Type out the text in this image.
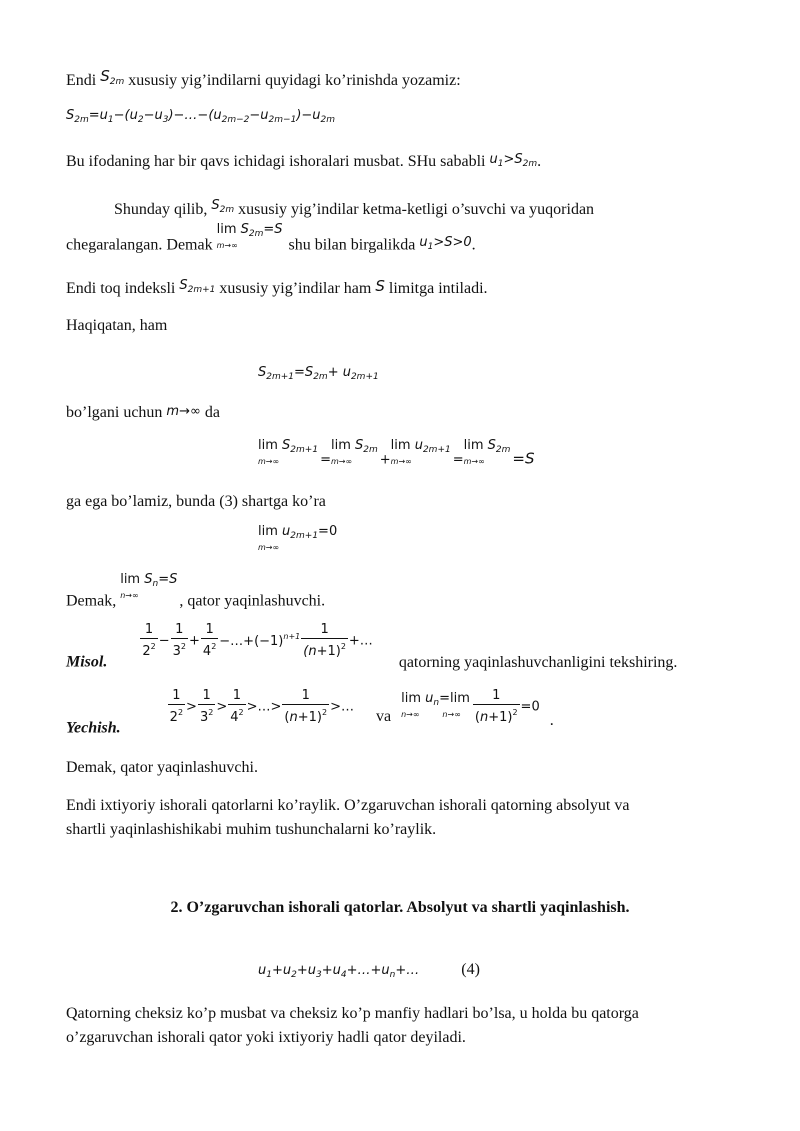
Endi $S_{2m}$ xususiy yig’indilarni quyidagi ko’rinishda yozamiz:
$S_{2m}=u_1-(u_2-u_3)-\dots-(u_{2m-2}-u_{2m-1})-u_{2m}$
Bu ifodaning har bir qavs ichidagi ishoralari musbat. SHu sababli $u_1>S_{2m}$.
Shunday qilib, $^{S_{2m}}$ xususiy yig’indilar ketma-ketligi o’suvchi va yuqoridan
chegaralangan. Demak
$\lim S_{2m}=S$
m→∞	shu bilan birgalikda $_{u_1>S>0}$.
Endi toq indeksli $^{S_{2m+1}}$ xususiy yig’indilar ham S limitga intiladi.
Haqiqatan, ham
$S_{2m+1}=S_{2m}+ u_{2m+1}$
bo’lgani uchun m→∞ da
$\lim S_{2m+1}$
m→∞	$_=$
$\lim S_{2m}$
m→∞	$_+$
$\lim u_{2m+1}$
m→∞	$_=$
$\lim S_{2m}$
m→∞	=S
ga ega bo’lamiz, bunda (3) shartga ko’ra
$\lim u_{2m+1}=0$
m→∞
Demak,
$\lim S_n=S$
n→∞	, qator yaqinlashuvchi.
Misol.
$\frac{1}{2^2} - \frac{1}{3^2} + \frac{1}{4^2}$ $-\dots+(-1)^{n+1} \frac{1}{(n+1)^2}$ +… qatorning yaqinlashuvchanligini tekshiring.
Yechish.
$\frac{1}{2^2} > \frac{1}{3^2} > \frac{1}{4^2}$ >…> $\frac{1}{(n+1)^2}$ >… va
$\lim u_n=\lim$
n→∞         $n\to\infty \frac{1}{(n+1)^2} =0$ .
Demak, qator yaqinlashuvchi.
Endi ixtiyoriy ishorali qatorlarni ko’raylik. O’zgaruvchan ishorali qatorning absolyut va
shartli yaqinlashishikabi muhim tushunchalarni ko’raylik.
2. O’zgaruvchan ishorali qatorlar. Absolyut va shartli yaqinlashish.
$u_1+u_2+u_3+u_4+\dots+u_n+\dots$	(4)
Qatorning cheksiz ko’p musbat va cheksiz ko’p manfiy hadlari bo’lsa, u holda bu qatorga
o’zgaruvchan ishorali qator yoki ixtiyoriy hadli qator deyiladi.
